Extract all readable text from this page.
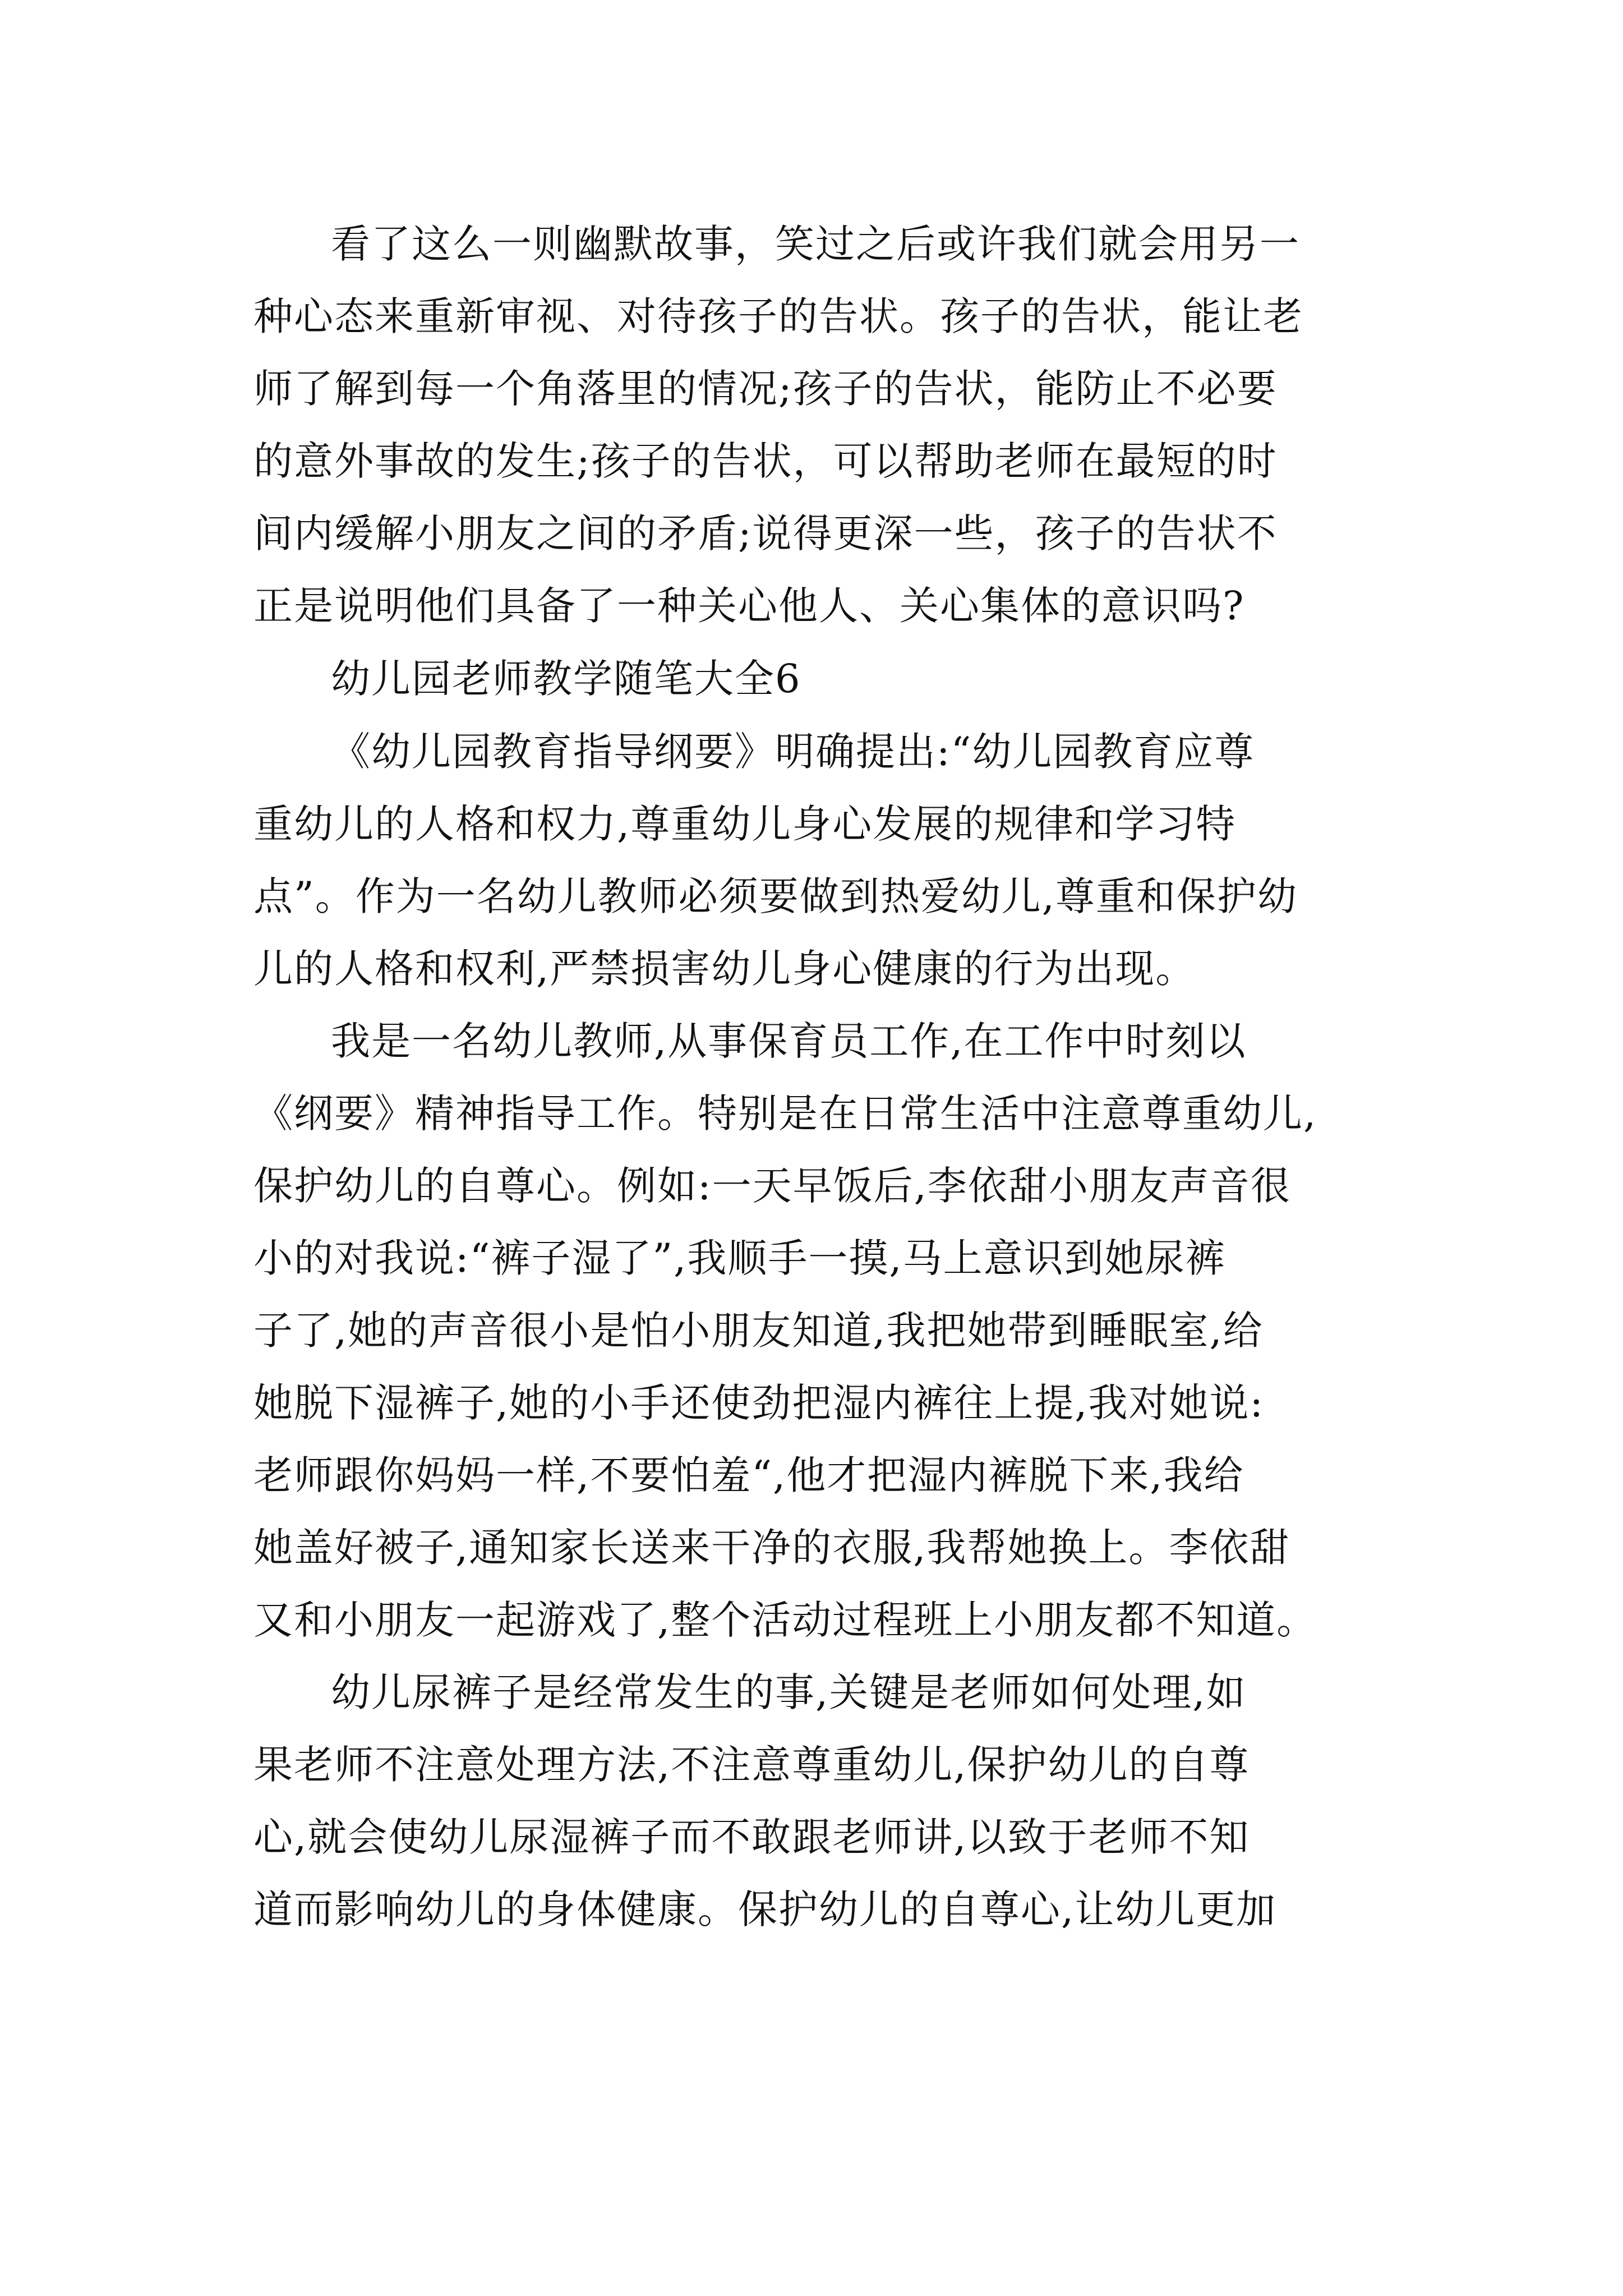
看了这么一则幽默故事，笑过之后或许我们就会用另一
种心态来重新审视、对待孩子的告状。孩子的告状，能让老
师了解到每一个角落里的情况;孩子的告状，能防止不必要
的意外事故的发生;孩子的告状，可以帮助老师在最短的时
间内缓解小朋友之间的矛盾;说得更深一些，孩子的告状不
正是说明他们具备了一种关心他人、关心集体的意识吗?
幼儿园老师教学随笔大全6
《幼儿园教育指导纲要》明确提出:“幼儿园教育应尊
重幼儿的人格和权力,尊重幼儿身心发展的规律和学习特
点”。作为一名幼儿教师必须要做到热爱幼儿,尊重和保护幼
儿的人格和权利,严禁损害幼儿身心健康的行为出现。
我是一名幼儿教师,从事保育员工作,在工作中时刻以
《纲要》精神指导工作。特别是在日常生活中注意尊重幼儿,
保护幼儿的自尊心。例如:一天早饭后,李依甜小朋友声音很
小的对我说:“裤子湿了”,我顺手一摸,马上意识到她尿裤
子了,她的声音很小是怕小朋友知道,我把她带到睡眠室,给
她脱下湿裤子,她的小手还使劲把湿内裤往上提,我对她说:
老师跟你妈妈一样,不要怕羞“,他才把湿内裤脱下来,我给
她盖好被子,通知家长送来干净的衣服,我帮她换上。李依甜
又和小朋友一起游戏了,整个活动过程班上小朋友都不知道。
幼儿尿裤子是经常发生的事,关键是老师如何处理,如
果老师不注意处理方法,不注意尊重幼儿,保护幼儿的自尊
心,就会使幼儿尿湿裤子而不敢跟老师讲,以致于老师不知
道而影响幼儿的身体健康。保护幼儿的自尊心,让幼儿更加
